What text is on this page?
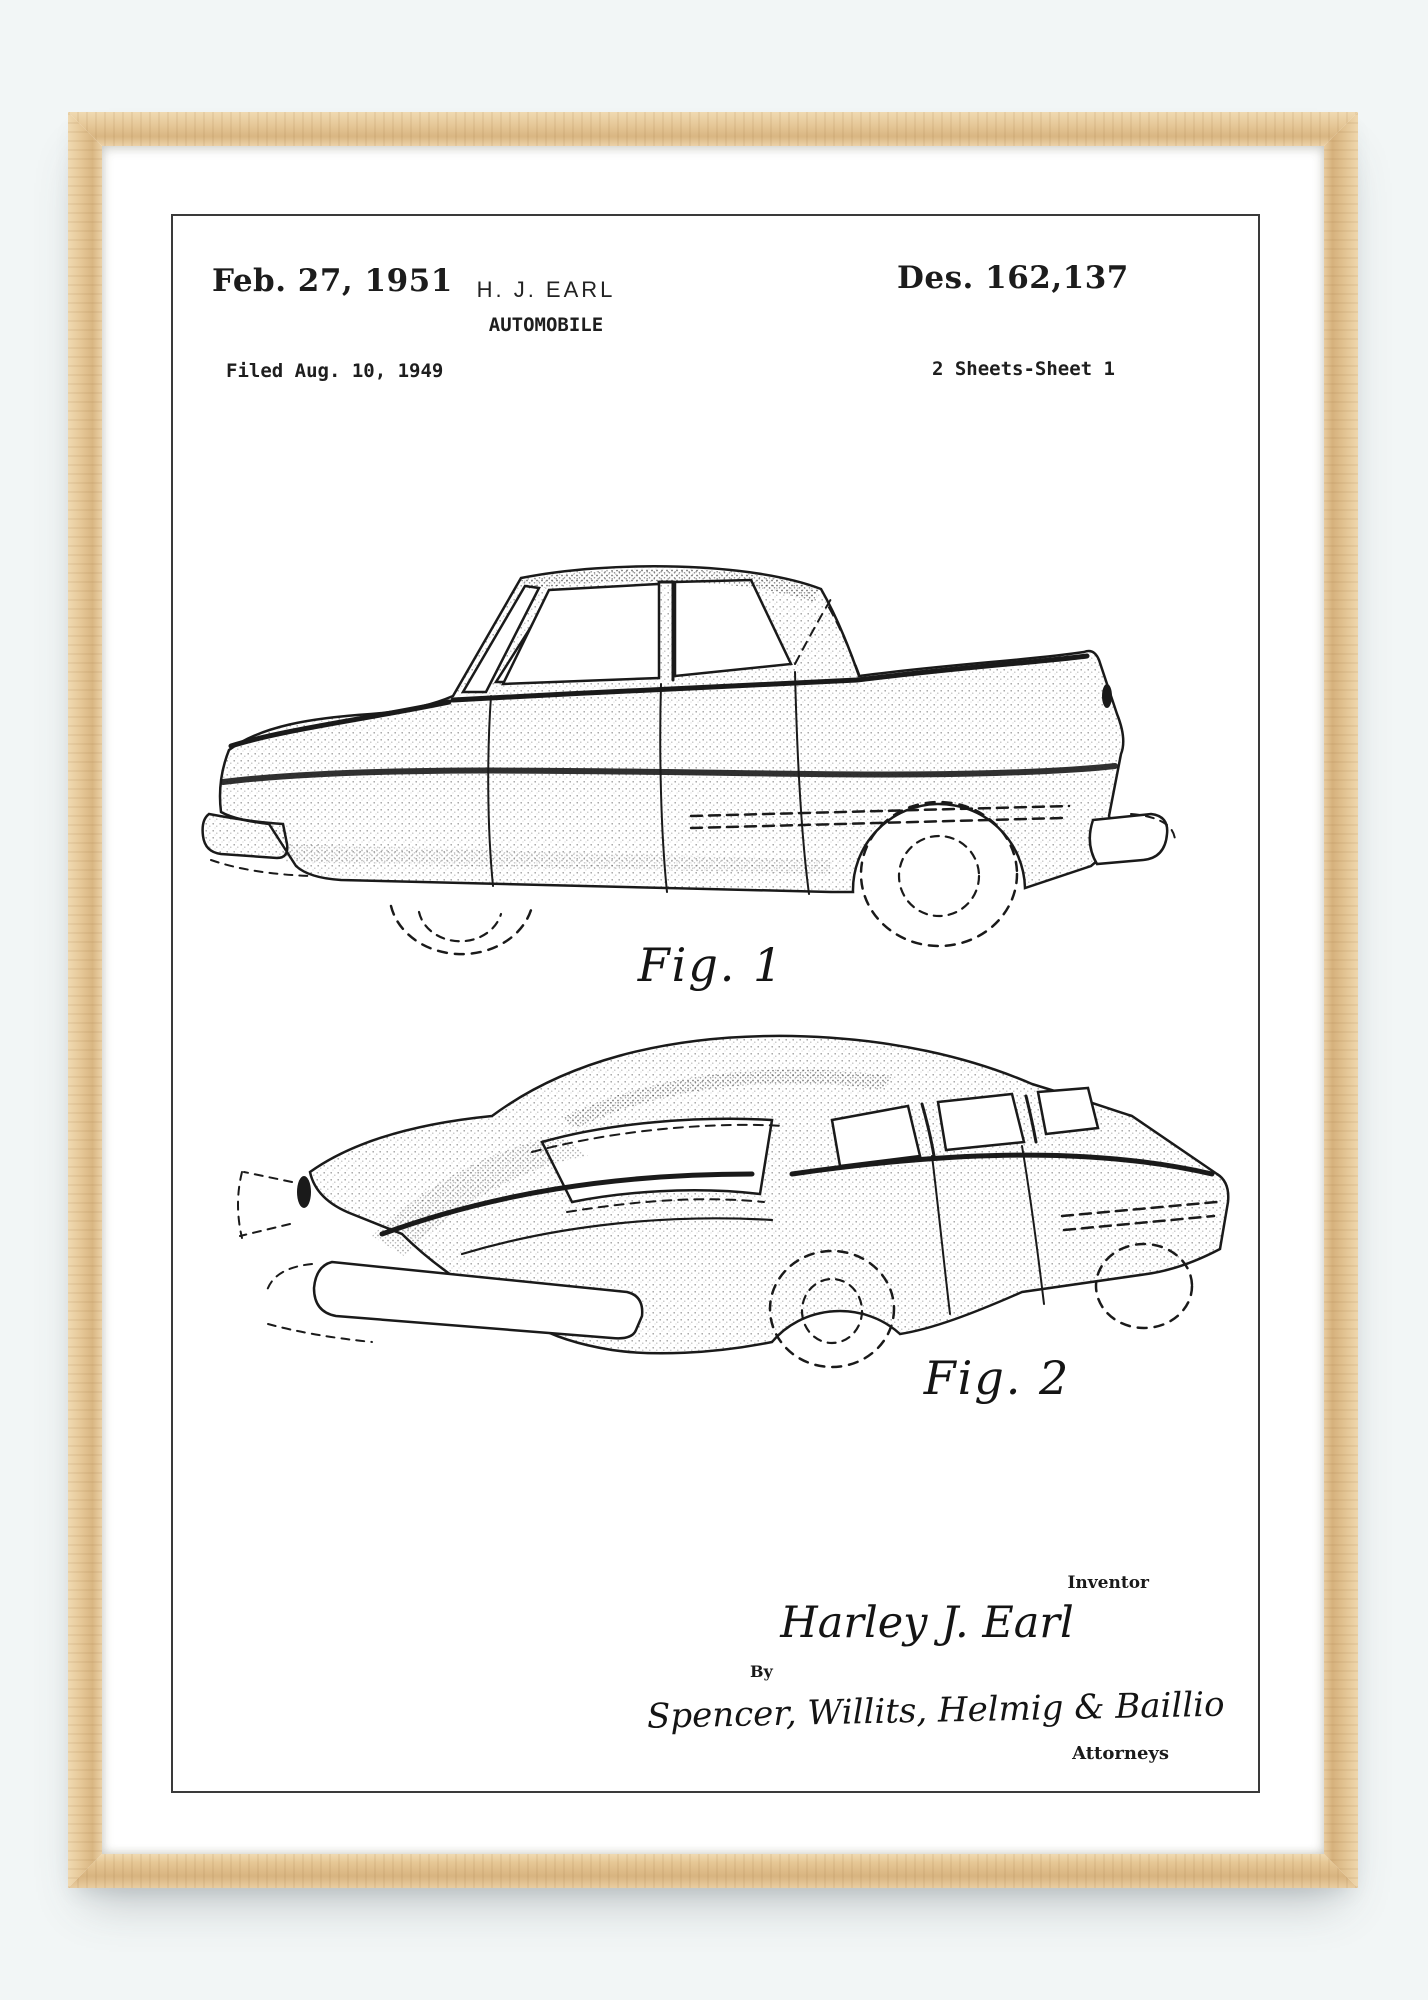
Feb. 27, 1951	H. J. EARL	Des. 162,137
AUTOMOBILE
Filed Aug. 10, 1949	2 Sheets-Sheet 1
Fig. 1
Fig. 2
Inventor
Harley J. Earl
By
Spencer, Willits, Helmig & Baillio
Attorneys
